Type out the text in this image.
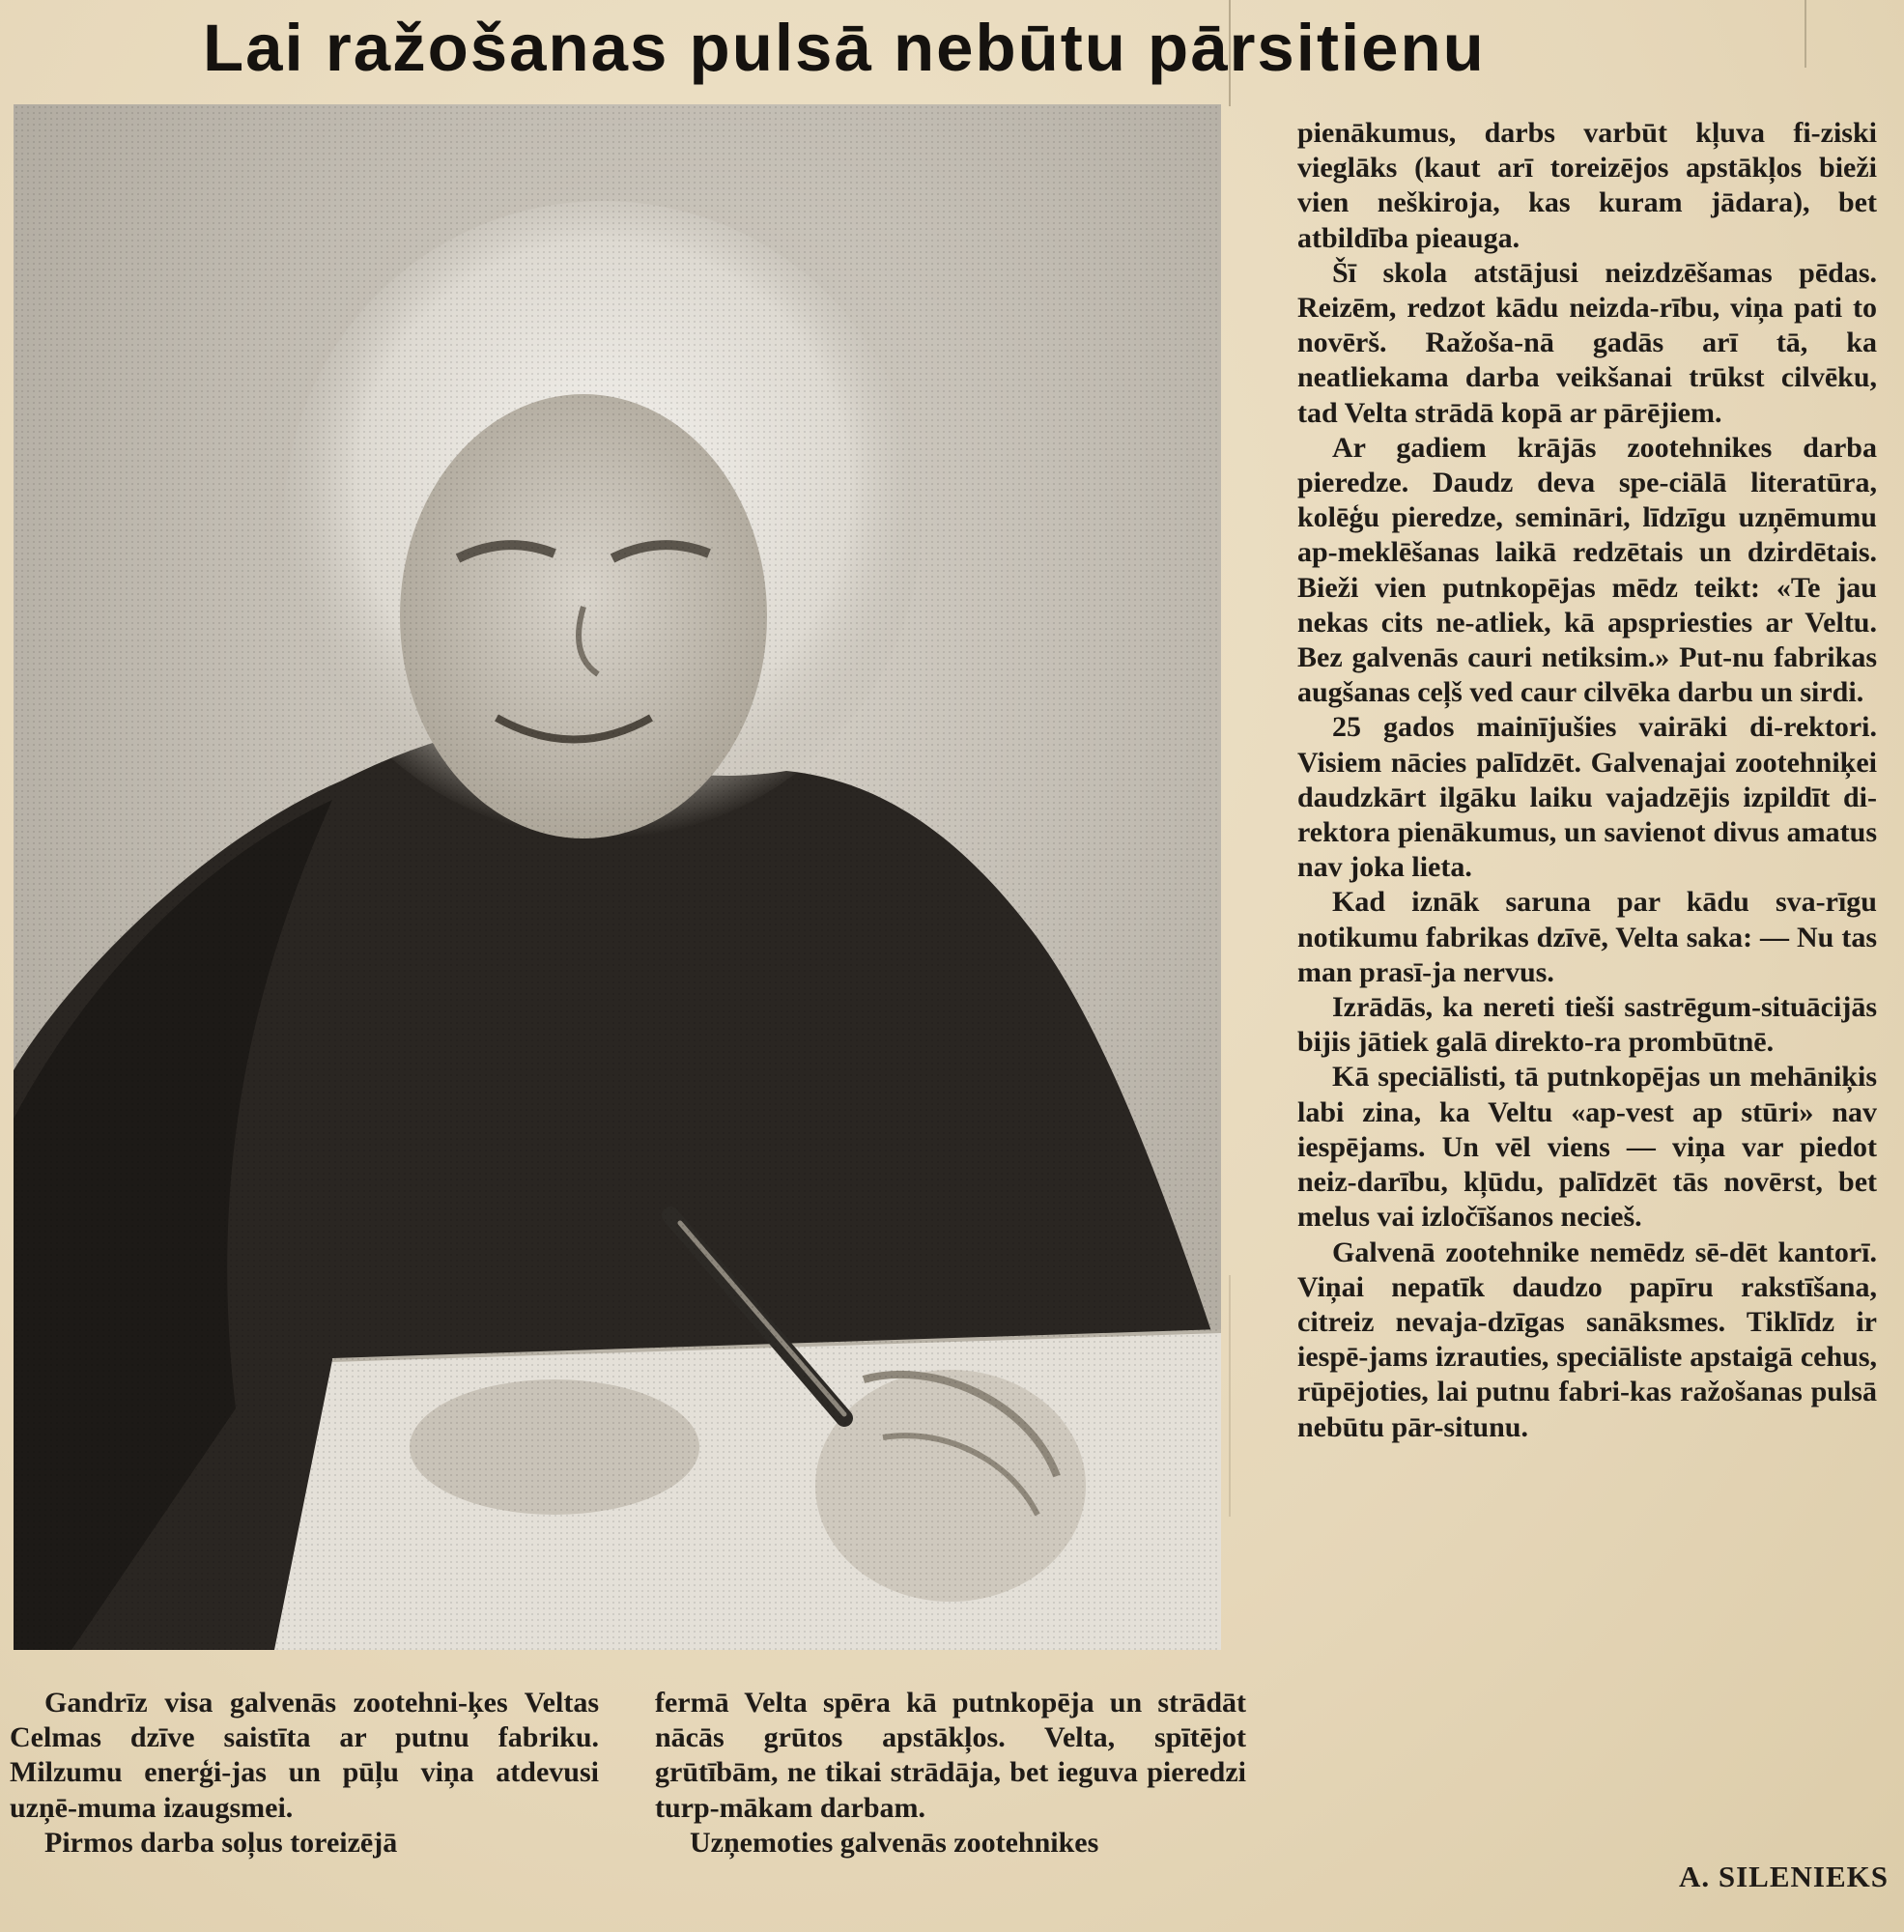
Lai ražošanas pulsā nebūtu pārsitienu

Gandrīz visa galvenās zootehni-ķes Veltas Celmas dzīve saistīta ar putnu fabriku. Milzumu enerģi-jas un pūļu viņa atdevusi uzņē-muma izaugsmei.

Pirmos darba soļus toreizējā

fermā Velta spēra kā putnkopēja un strādāt nācās grūtos apstākļos. Velta, spītējot grūtībām, ne tikai strādāja, bet ieguva pieredzi turp-mākam darbam.

Uzņemoties galvenās zootehnikes

pienākumus, darbs varbūt kļuva fi-ziski vieglāks (kaut arī toreizējos apstākļos bieži vien neškiroja, kas kuram jādara), bet atbildība pieauga.

Šī skola atstājusi neizdzēšamas pēdas. Reizēm, redzot kādu neizda-rību, viņa pati to novērš. Ražoša-nā gadās arī tā, ka neatliekama darba veikšanai trūkst cilvēku, tad Velta strādā kopā ar pārējiem.

Ar gadiem krājās zootehnikes darba pieredze. Daudz deva spe-ciālā literatūra, kolēģu pieredze, semināri, līdzīgu uzņēmumu ap-meklēšanas laikā redzētais un dzirdētais. Bieži vien putnkopējas mēdz teikt: «Te jau nekas cits ne-atliek, kā apspriesties ar Veltu. Bez galvenās cauri netiksim.» Put-nu fabrikas augšanas ceļš ved caur cilvēka darbu un sirdi.

25 gados mainījušies vairāki di-rektori. Visiem nācies palīdzēt. Galvenajai zootehniķei daudzkārt ilgāku laiku vajadzējis izpildīt di-rektora pienākumus, un savienot divus amatus nav joka lieta.

Kad iznāk saruna par kādu sva-rīgu notikumu fabrikas dzīvē, Velta saka: — Nu tas man prasī-ja nervus.

Izrādās, ka nereti tieši sastrēgum-situācijās bijis jātiek galā direkto-ra prombūtnē.

Kā speciālisti, tā putnkopējas un mehāniķis labi zina, ka Veltu «ap-vest ap stūri» nav iespējams. Un vēl viens — viņa var piedot neiz-darību, kļūdu, palīdzēt tās novērst, bet melus vai izločīšanos necieš.

Galvenā zootehnike nemēdz sē-dēt kantorī. Viņai nepatīk daudzo papīru rakstīšana, citreiz nevaja-dzīgas sanāksmes. Tiklīdz ir iespē-jams izrauties, speciāliste apstaigā cehus, rūpējoties, lai putnu fabri-kas ražošanas pulsā nebūtu pār-situnu.

A. SILENIEKS
